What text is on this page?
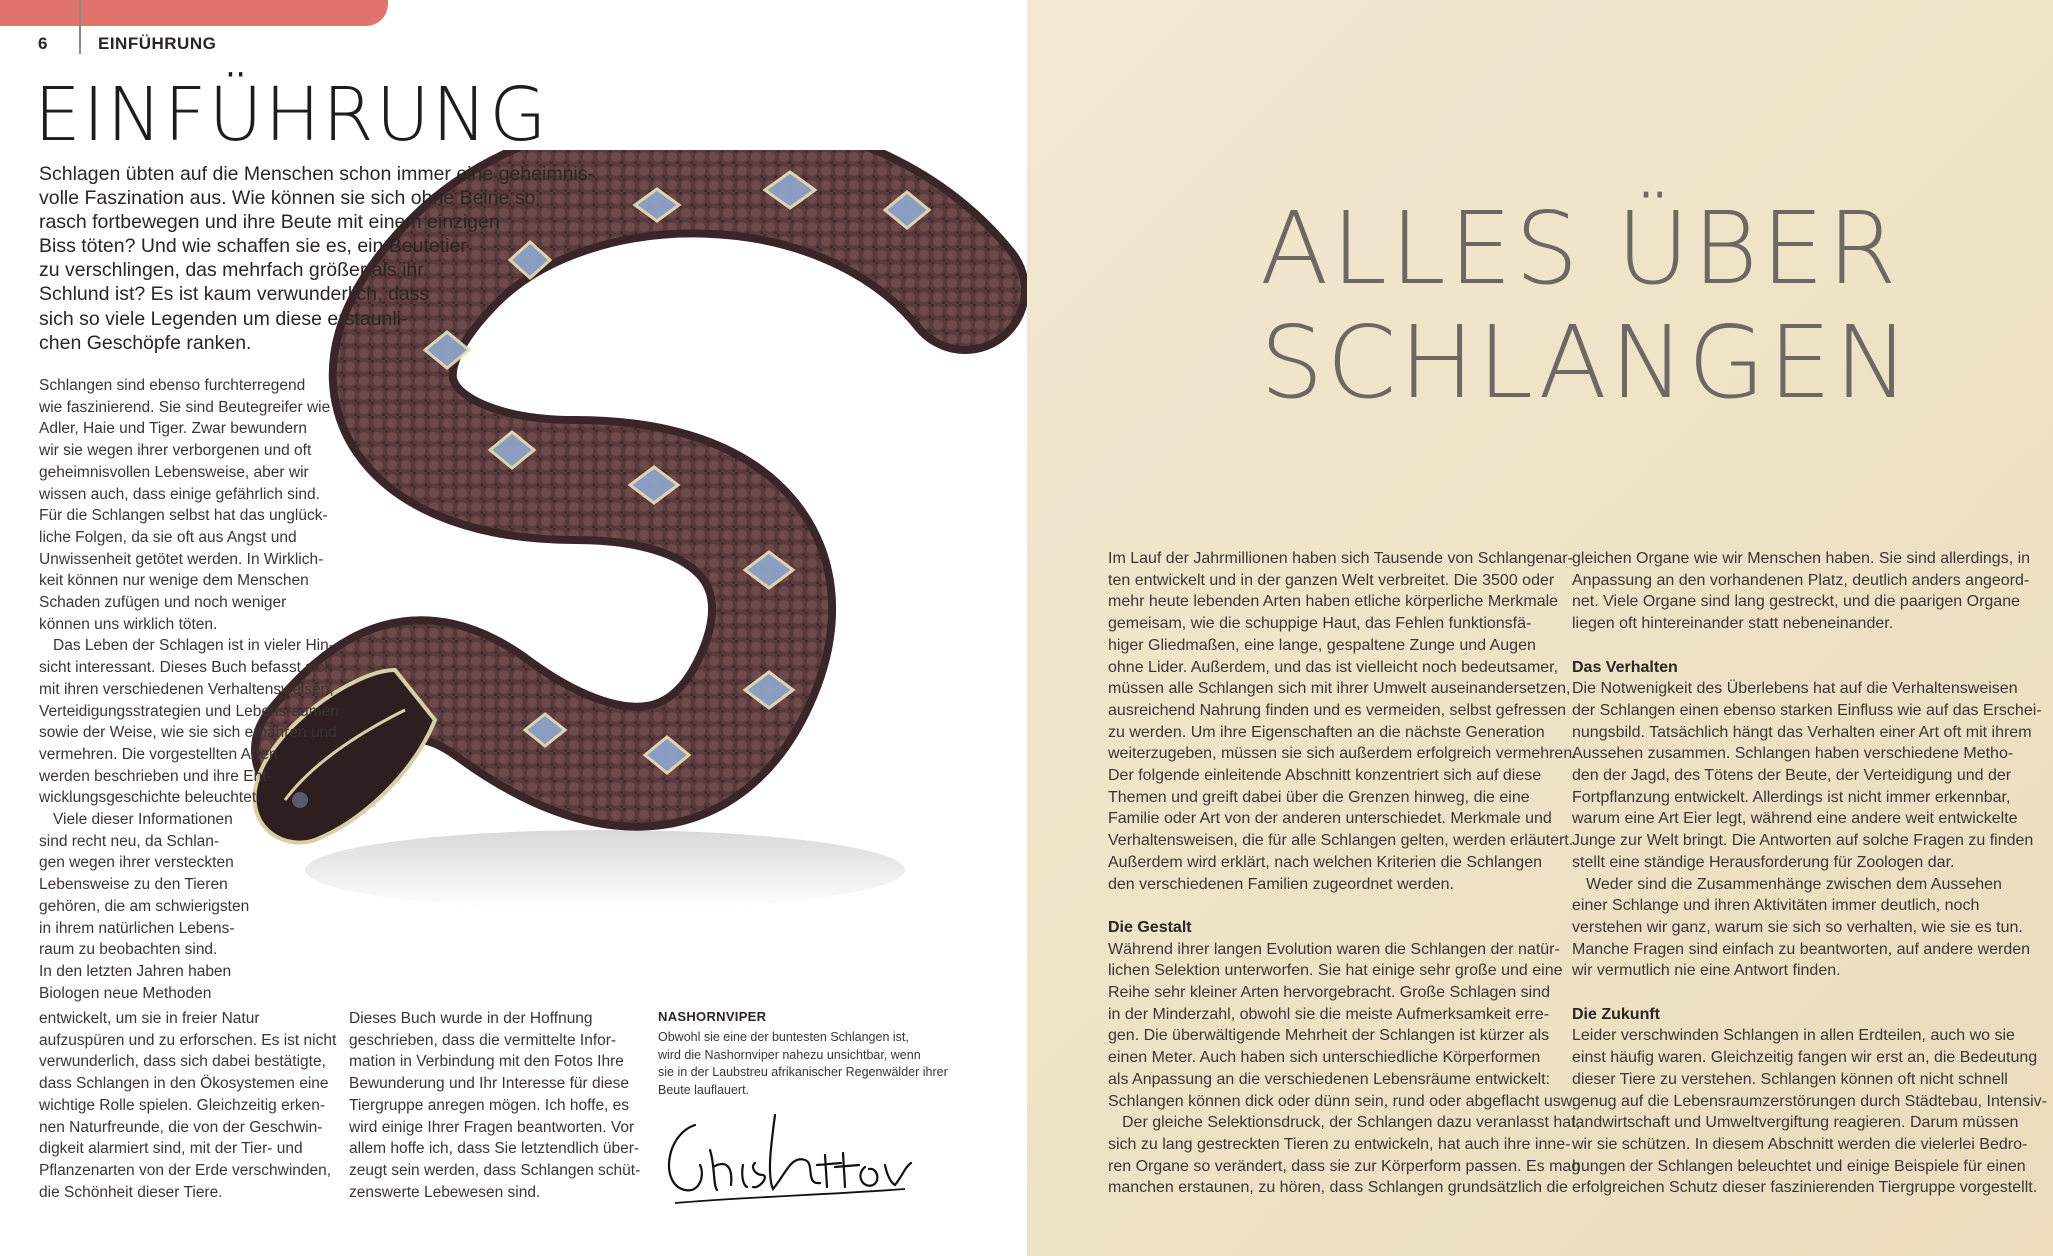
6	EINFÜHRUNG
EINFÜHRUNG
Schlagen übten auf die Menschen schon immer eine geheimnis-
volle Faszination aus. Wie können sie sich ohne Beine so
rasch fortbewegen und ihre Beute mit einem einzigen
Biss töten? Und wie schaffen sie es, ein Beutetier
zu verschlingen, das mehrfach größer als ihr
Schlund ist? Es ist kaum verwunderlich, dass
sich so viele Legenden um diese erstaunli-
chen Geschöpfe ranken.
Schlangen sind ebenso furchterregend
wie faszinierend. Sie sind Beutegreifer wie
Adler, Haie und Tiger. Zwar bewundern
wir sie wegen ihrer verborgenen und oft
geheimnisvollen Lebensweise, aber wir
wissen auch, dass einige gefährlich sind.
Für die Schlangen selbst hat das unglück-
liche Folgen, da sie oft aus Angst und
Unwissenheit getötet werden. In Wirklich-
keit können nur wenige dem Menschen
Schaden zufügen und noch weniger
können uns wirklich töten.
Das Leben der Schlagen ist in vieler Hin-
sicht interessant. Dieses Buch befasst sich
mit ihren verschiedenen Verhaltensweisen,
Verteidigungsstrategien und Lebensräumen
sowie der Weise, wie sie sich ernähren und
vermehren. Die vorgestellten Arten
werden beschrieben und ihre Ent-
wicklungsgeschichte beleuchtet.
Viele dieser Informationen
sind recht neu, da Schlan-
gen wegen ihrer versteckten
Lebensweise zu den Tieren
gehören, die am schwierigsten
in ihrem natürlichen Lebens-
raum zu beobachten sind.
In den letzten Jahren haben
Biologen neue Methoden
entwickelt, um sie in freier Natur
aufzuspüren und zu erforschen. Es ist nicht
verwunderlich, dass sich dabei bestätigte,
dass Schlangen in den Ökosystemen eine
wichtige Rolle spielen. Gleichzeitig erken-
nen Naturfreunde, die von der Geschwin-
digkeit alarmiert sind, mit der Tier- und
Pflanzenarten von der Erde verschwinden,
die Schönheit dieser Tiere.
Dieses Buch wurde in der Hoffnung
geschrieben, dass die vermittelte Infor-
mation in Verbindung mit den Fotos Ihre
Bewunderung und Ihr Interesse für diese
Tiergruppe anregen mögen. Ich hoffe, es
wird einige Ihrer Fragen beantworten. Vor
allem hoffe ich, dass Sie letztendlich über-
zeugt sein werden, dass Schlangen schüt-
zenswerte Lebewesen sind.
NASHORNVIPER
Obwohl sie eine der buntesten Schlangen ist,
wird die Nashornviper nahezu unsichtbar, wenn
sie in der Laubstreu afrikanischer Regenwälder ihrer
Beute lauflauert.
ALLES ÜBER
SCHLANGEN
Im Lauf der Jahrmillionen haben sich Tausende von Schlangenar-
ten entwickelt und in der ganzen Welt verbreitet. Die 3500 oder
mehr heute lebenden Arten haben etliche körperliche Merkmale
gemeisam, wie die schuppige Haut, das Fehlen funktionsfä-
higer Gliedmaßen, eine lange, gespaltene Zunge und Augen
ohne Lider. Außerdem, und das ist vielleicht noch bedeutsamer,
müssen alle Schlangen sich mit ihrer Umwelt auseinandersetzen,
ausreichend Nahrung finden und es vermeiden, selbst gefressen
zu werden. Um ihre Eigenschaften an die nächste Generation
weiterzugeben, müssen sie sich außerdem erfolgreich vermehren.
Der folgende einleitende Abschnitt konzentriert sich auf diese
Themen und greift dabei über die Grenzen hinweg, die eine
Familie oder Art von der anderen unterschiedet. Merkmale und
Verhaltensweisen, die für alle Schlangen gelten, werden erläutert.
Außerdem wird erklärt, nach welchen Kriterien die Schlangen
den verschiedenen Familien zugeordnet werden.
Die Gestalt
Während ihrer langen Evolution waren die Schlangen der natür-
lichen Selektion unterworfen. Sie hat einige sehr große und eine
Reihe sehr kleiner Arten hervorgebracht. Große Schlagen sind
in der Minderzahl, obwohl sie die meiste Aufmerksamkeit erre-
gen. Die überwältigende Mehrheit der Schlangen ist kürzer als
einen Meter. Auch haben sich unterschiedliche Körperformen
als Anpassung an die verschiedenen Lebensräume entwickelt:
Schlangen können dick oder dünn sein, rund oder abgeflacht usw.
Der gleiche Selektionsdruck, der Schlangen dazu veranlasst hat,
sich zu lang gestreckten Tieren zu entwickeln, hat auch ihre inne-
ren Organe so verändert, dass sie zur Körperform passen. Es mag
manchen erstaunen, zu hören, dass Schlangen grundsätzlich die
gleichen Organe wie wir Menschen haben. Sie sind allerdings, in
Anpassung an den vorhandenen Platz, deutlich anders angeord-
net. Viele Organe sind lang gestreckt, und die paarigen Organe
liegen oft hintereinander statt nebeneinander.
Das Verhalten
Die Notwenigkeit des Überlebens hat auf die Verhaltensweisen
der Schlangen einen ebenso starken Einfluss wie auf das Erschei-
nungsbild. Tatsächlich hängt das Verhalten einer Art oft mit ihrem
Aussehen zusammen. Schlangen haben verschiedene Metho-
den der Jagd, des Tötens der Beute, der Verteidigung und der
Fortpflanzung entwickelt. Allerdings ist nicht immer erkennbar,
warum eine Art Eier legt, während eine andere weit entwickelte
Junge zur Welt bringt. Die Antworten auf solche Fragen zu finden
stellt eine ständige Herausforderung für Zoologen dar.
Weder sind die Zusammenhänge zwischen dem Aussehen
einer Schlange und ihren Aktivitäten immer deutlich, noch
verstehen wir ganz, warum sie sich so verhalten, wie sie es tun.
Manche Fragen sind einfach zu beantworten, auf andere werden
wir vermutlich nie eine Antwort finden.
Die Zukunft
Leider verschwinden Schlangen in allen Erdteilen, auch wo sie
einst häufig waren. Gleichzeitig fangen wir erst an, die Bedeutung
dieser Tiere zu verstehen. Schlangen können oft nicht schnell
genug auf die Lebensraumzerstörungen durch Städtebau, Intensiv-
landwirtschaft und Umweltvergiftung reagieren. Darum müssen
wir sie schützen. In diesem Abschnitt werden die vielerlei Bedro-
hungen der Schlangen beleuchtet und einige Beispiele für einen
erfolgreichen Schutz dieser faszinierenden Tiergruppe vorgestellt.
